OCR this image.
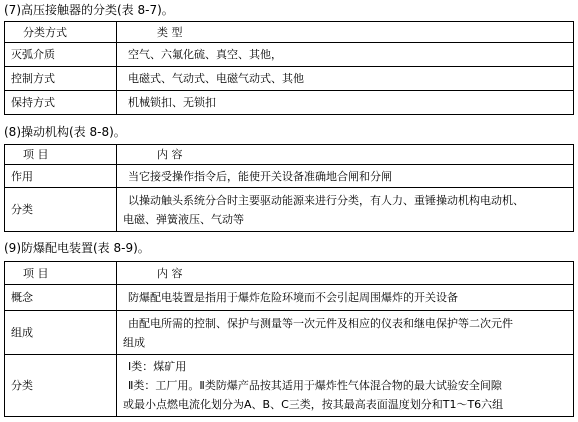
(7)高压接触器的分类(表 8-7)。
分类方式	类 型
灭弧介质	空气、六氟化硫、真空、其他，
控制方式	电磁式、气动式、电磁气动式、其他
保持方式	机械锁扣、无锁扣
(8)操动机构(表 8-8)。
项 目	内 容
作用	当它接受操作指令后，能使开关设备准确地合闸和分闸
分类	以操动触头系统分合时主要驱动能源来进行分类，有人力、重锤操动机构电动机、
电磁、弹簧液压、气动等
(9)防爆配电装置(表 8-9)。
项 目	内 容
概念	防爆配电装置是指用于爆炸危险环境而不会引起周围爆炸的开关设备
组成	由配电所需的控制、保护与测量等一次元件及相应的仪表和继电保护等二次元件
组成

分类	Ⅰ类：煤矿用
Ⅱ类：工厂用。Ⅱ类防爆产品按其适用于爆炸性气体混合物的最大试验安全间隙
或最小点燃电流化划分为A、B、C三类，按其最高表面温度划分和T1～T6六组
